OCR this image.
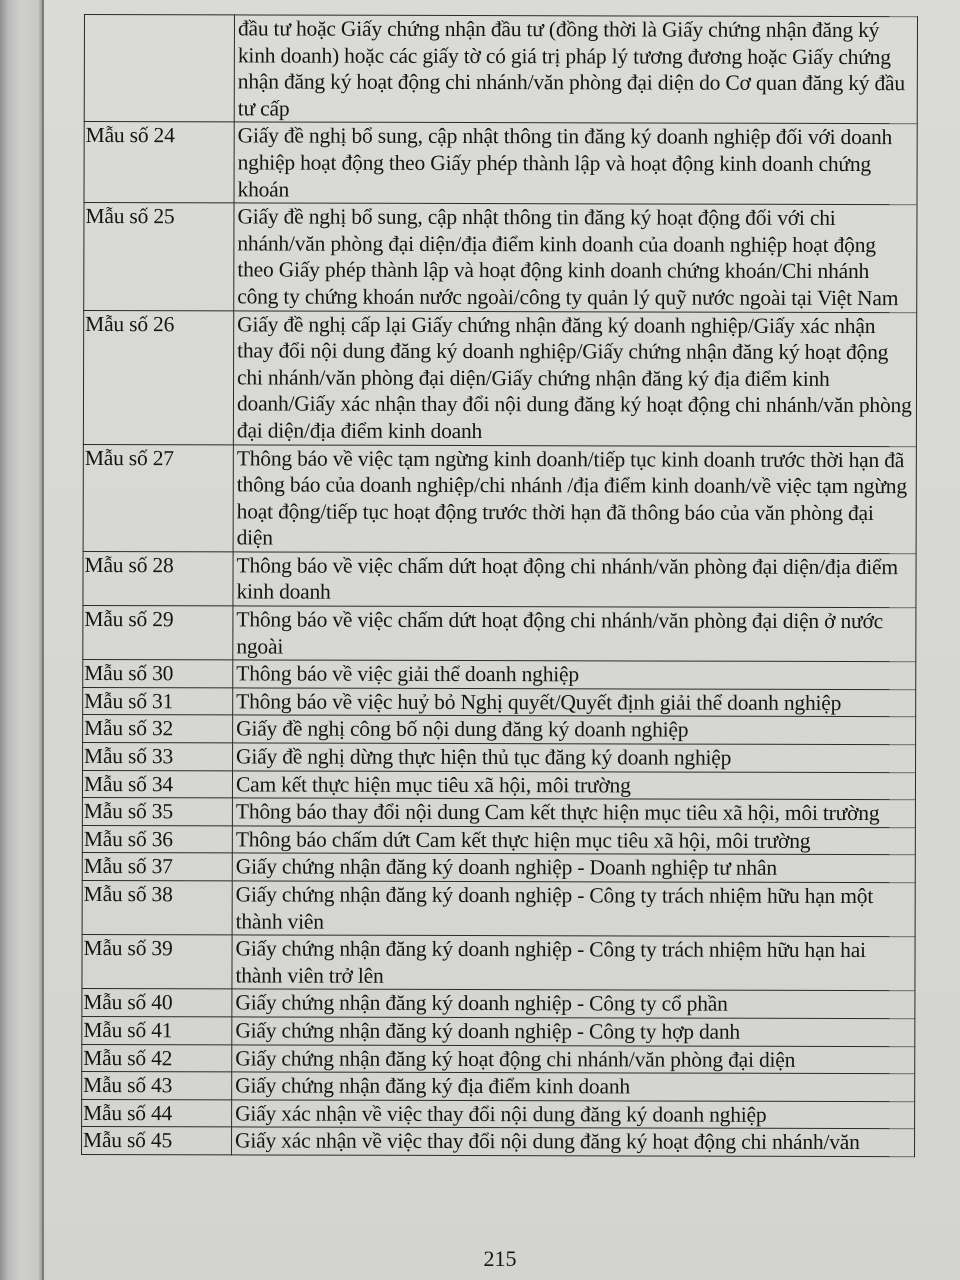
	đầu tư hoặc Giấy chứng nhận đầu tư (đồng thời là Giấy chứng nhận đăng ký kinh doanh) hoặc các giấy tờ có giá trị pháp lý tương đương hoặc Giấy chứng nhận đăng ký hoạt động chi nhánh/văn phòng đại diện do Cơ quan đăng ký đầu tư cấp
Mẫu số 24	Giấy đề nghị bổ sung, cập nhật thông tin đăng ký doanh nghiệp đối với doanh nghiệp hoạt động theo Giấy phép thành lập và hoạt động kinh doanh chứng khoán
Mẫu số 25	Giấy đề nghị bổ sung, cập nhật thông tin đăng ký hoạt động đối với chi nhánh/văn phòng đại diện/địa điểm kinh doanh của doanh nghiệp hoạt động theo Giấy phép thành lập và hoạt động kinh doanh chứng khoán/Chi nhánh công ty chứng khoán nước ngoài/công ty quản lý quỹ nước ngoài tại Việt Nam
Mẫu số 26	Giấy đề nghị cấp lại Giấy chứng nhận đăng ký doanh nghiệp/Giấy xác nhận thay đổi nội dung đăng ký doanh nghiệp/Giấy chứng nhận đăng ký hoạt động chi nhánh/văn phòng đại diện/Giấy chứng nhận đăng ký địa điểm kinh doanh/Giấy xác nhận thay đổi nội dung đăng ký hoạt động chi nhánh/văn phòng đại diện/địa điểm kinh doanh
Mẫu số 27	Thông báo về việc tạm ngừng kinh doanh/tiếp tục kinh doanh trước thời hạn đã thông báo của doanh nghiệp/chi nhánh /địa điểm kinh doanh/về việc tạm ngừng hoạt động/tiếp tục hoạt động trước thời hạn đã thông báo của văn phòng đại diện
Mẫu số 28	Thông báo về việc chấm dứt hoạt động chi nhánh/văn phòng đại diện/địa điểm kinh doanh
Mẫu số 29	Thông báo về việc chấm dứt hoạt động chi nhánh/văn phòng đại diện ở nước ngoài
Mẫu số 30	Thông báo về việc giải thể doanh nghiệp
Mẫu số 31	Thông báo về việc huỷ bỏ Nghị quyết/Quyết định giải thể doanh nghiệp
Mẫu số 32	Giấy đề nghị công bố nội dung đăng ký doanh nghiệp
Mẫu số 33	Giấy đề nghị dừng thực hiện thủ tục đăng ký doanh nghiệp
Mẫu số 34	Cam kết thực hiện mục tiêu xã hội, môi trường
Mẫu số 35	Thông báo thay đổi nội dung Cam kết thực hiện mục tiêu xã hội, môi trường
Mẫu số 36	Thông báo chấm dứt Cam kết thực hiện mục tiêu xã hội, môi trường
Mẫu số 37	Giấy chứng nhận đăng ký doanh nghiệp - Doanh nghiệp tư nhân
Mẫu số 38	Giấy chứng nhận đăng ký doanh nghiệp - Công ty trách nhiệm hữu hạn một thành viên
Mẫu số 39	Giấy chứng nhận đăng ký doanh nghiệp - Công ty trách nhiệm hữu hạn hai thành viên trở lên
Mẫu số 40	Giấy chứng nhận đăng ký doanh nghiệp - Công ty cổ phần
Mẫu số 41	Giấy chứng nhận đăng ký doanh nghiệp - Công ty hợp danh
Mẫu số 42	Giấy chứng nhận đăng ký hoạt động chi nhánh/văn phòng đại diện
Mẫu số 43	Giấy chứng nhận đăng ký địa điểm kinh doanh
Mẫu số 44	Giấy xác nhận về việc thay đổi nội dung đăng ký doanh nghiệp
Mẫu số 45	Giấy xác nhận về việc thay đổi nội dung đăng ký hoạt động chi nhánh/văn
215
